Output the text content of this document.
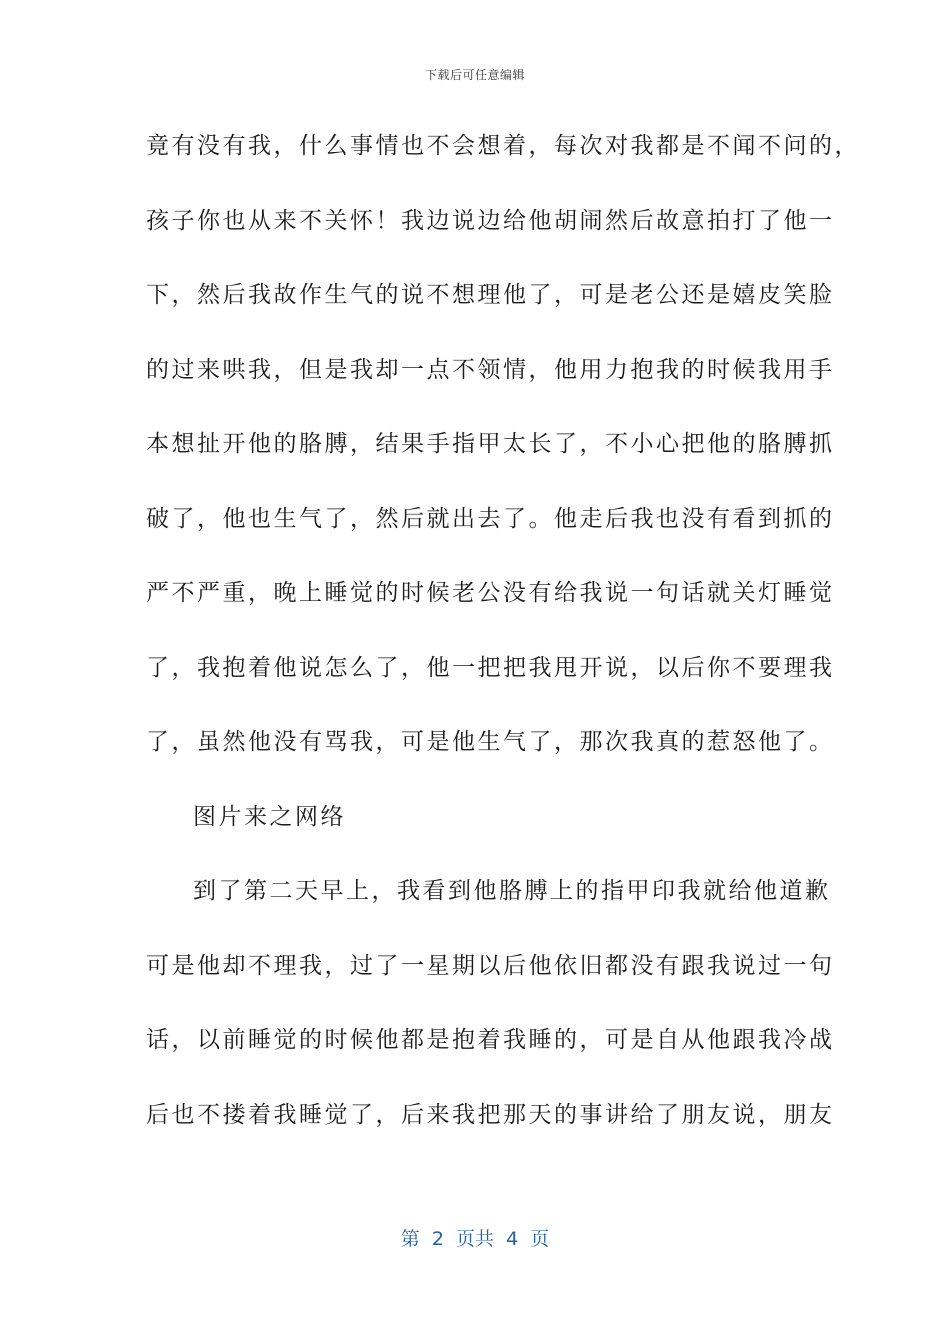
下载后可任意编辑
竟有没有我，什么事情也不会想着，每次对我都是不闻不问的，
孩子你也从来不关怀！我边说边给他胡闹然后故意拍打了他一
下，然后我故作生气的说不想理他了，可是老公还是嬉皮笑脸
的过来哄我，但是我却一点不领情，他用力抱我的时候我用手
本想扯开他的胳膊，结果手指甲太长了，不小心把他的胳膊抓
破了，他也生气了，然后就出去了。他走后我也没有看到抓的
严不严重，晚上睡觉的时候老公没有给我说一句话就关灯睡觉
了，我抱着他说怎么了，他一把把我甩开说，以后你不要理我
了，虽然他没有骂我，可是他生气了，那次我真的惹怒他了。
图片来之网络
到了第二天早上，我看到他胳膊上的指甲印我就给他道歉
可是他却不理我，过了一星期以后他依旧都没有跟我说过一句
话，以前睡觉的时候他都是抱着我睡的，可是自从他跟我冷战
后也不搂着我睡觉了，后来我把那天的事讲给了朋友说，朋友
第  2  页共  4  页
